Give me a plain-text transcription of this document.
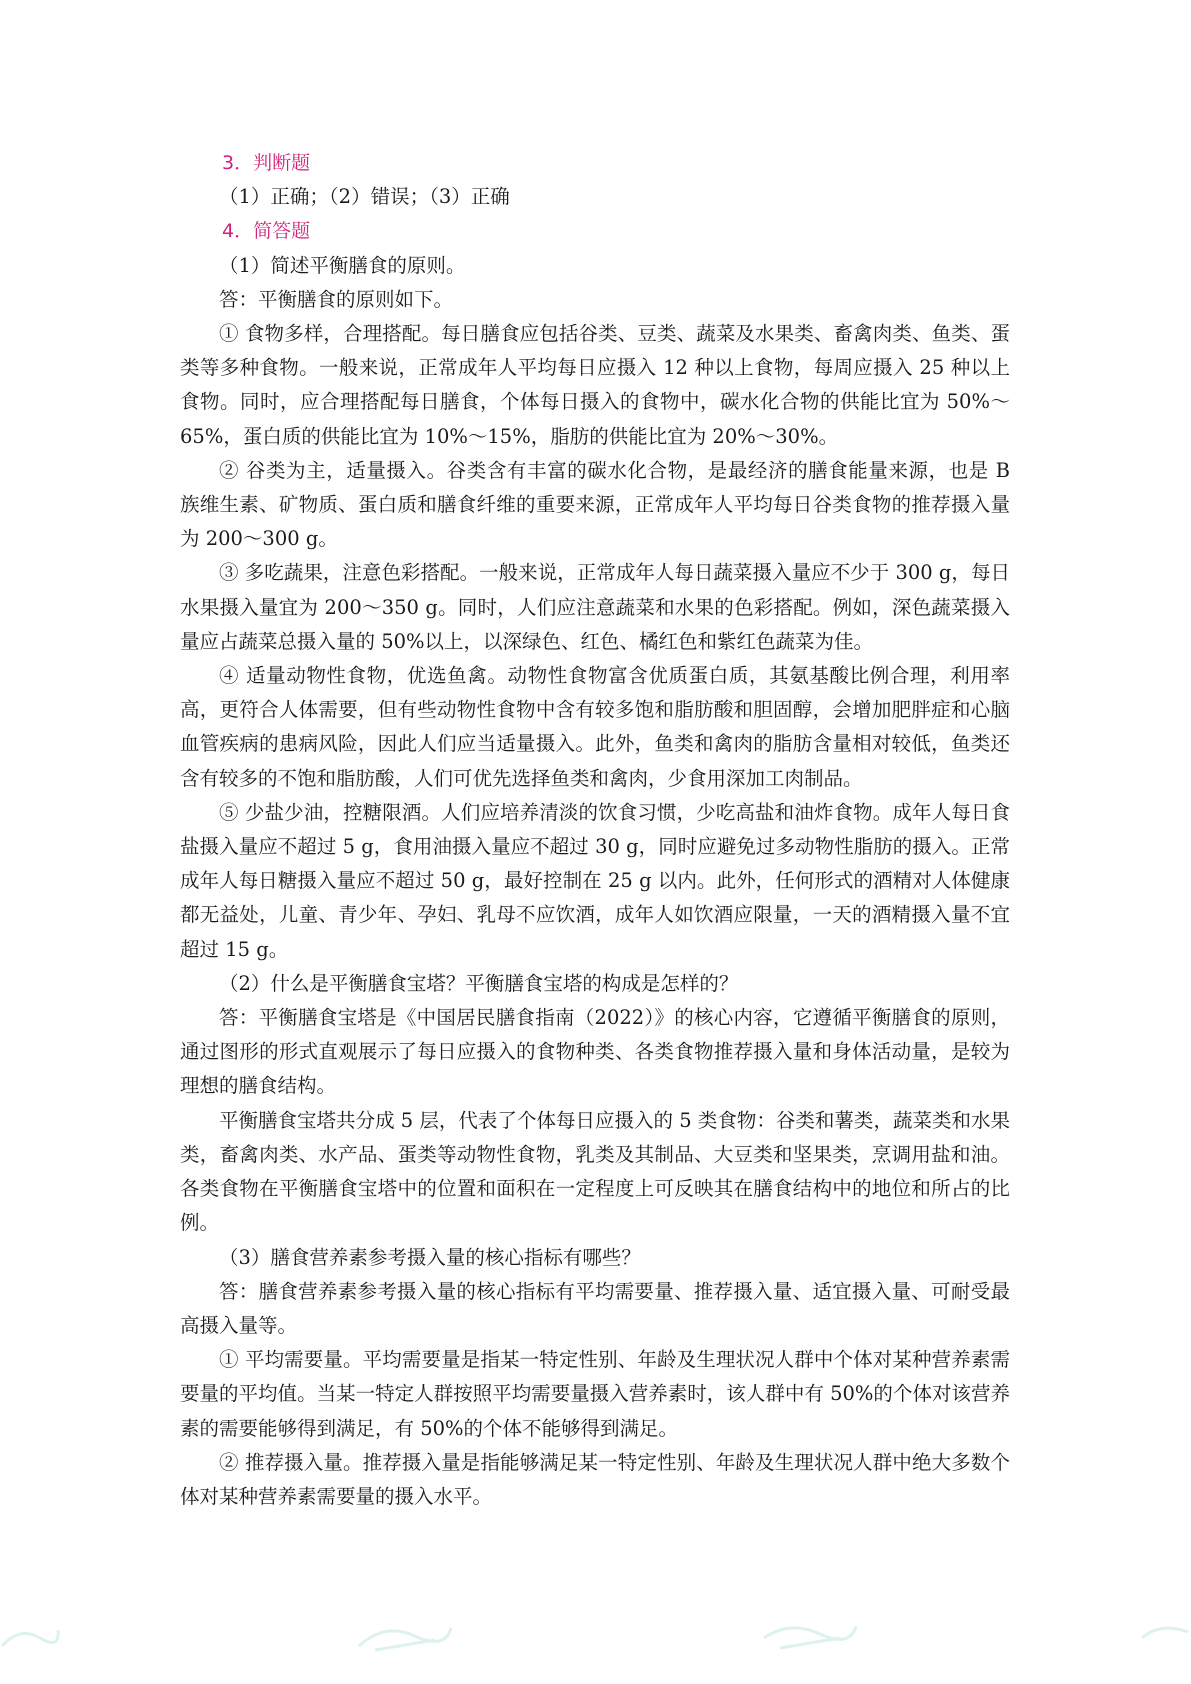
3．判断题

（1）正确；（2）错误；（3）正确

4．简答题

（1）简述平衡膳食的原则。

答：平衡膳食的原则如下。

① 食物多样，合理搭配。每日膳食应包括谷类、豆类、蔬菜及水果类、畜禽肉类、鱼类、蛋类等多种食物。一般来说，正常成年人平均每日应摄入 12 种以上食物，每周应摄入 25 种以上食物。同时，应合理搭配每日膳食，个体每日摄入的食物中，碳水化合物的供能比宜为 50%～65%，蛋白质的供能比宜为 10%～15%，脂肪的供能比宜为 20%～30%。

② 谷类为主，适量摄入。谷类含有丰富的碳水化合物，是最经济的膳食能量来源，也是 B 族维生素、矿物质、蛋白质和膳食纤维的重要来源，正常成年人平均每日谷类食物的推荐摄入量为 200～300 g。

③ 多吃蔬果，注意色彩搭配。一般来说，正常成年人每日蔬菜摄入量应不少于 300 g，每日水果摄入量宜为 200～350 g。同时，人们应注意蔬菜和水果的色彩搭配。例如，深色蔬菜摄入量应占蔬菜总摄入量的 50%以上，以深绿色、红色、橘红色和紫红色蔬菜为佳。

④ 适量动物性食物，优选鱼禽。动物性食物富含优质蛋白质，其氨基酸比例合理，利用率高，更符合人体需要，但有些动物性食物中含有较多饱和脂肪酸和胆固醇，会增加肥胖症和心脑血管疾病的患病风险，因此人们应当适量摄入。此外，鱼类和禽肉的脂肪含量相对较低，鱼类还含有较多的不饱和脂肪酸，人们可优先选择鱼类和禽肉，少食用深加工肉制品。

⑤ 少盐少油，控糖限酒。人们应培养清淡的饮食习惯，少吃高盐和油炸食物。成年人每日食盐摄入量应不超过 5 g，食用油摄入量应不超过 30 g，同时应避免过多动物性脂肪的摄入。正常成年人每日糖摄入量应不超过 50 g，最好控制在 25 g 以内。此外，任何形式的酒精对人体健康都无益处，儿童、青少年、孕妇、乳母不应饮酒，成年人如饮酒应限量，一天的酒精摄入量不宜超过 15 g。

（2）什么是平衡膳食宝塔？平衡膳食宝塔的构成是怎样的？

答：平衡膳食宝塔是《中国居民膳食指南（2022）》的核心内容，它遵循平衡膳食的原则，通过图形的形式直观展示了每日应摄入的食物种类、各类食物推荐摄入量和身体活动量，是较为理想的膳食结构。

平衡膳食宝塔共分成 5 层，代表了个体每日应摄入的 5 类食物：谷类和薯类，蔬菜类和水果类，畜禽肉类、水产品、蛋类等动物性食物，乳类及其制品、大豆类和坚果类，烹调用盐和油。各类食物在平衡膳食宝塔中的位置和面积在一定程度上可反映其在膳食结构中的地位和所占的比例。

（3）膳食营养素参考摄入量的核心指标有哪些？

答：膳食营养素参考摄入量的核心指标有平均需要量、推荐摄入量、适宜摄入量、可耐受最高摄入量等。

① 平均需要量。平均需要量是指某一特定性别、年龄及生理状况人群中个体对某种营养素需要量的平均值。当某一特定人群按照平均需要量摄入营养素时，该人群中有 50%的个体对该营养素的需要能够得到满足，有 50%的个体不能够得到满足。

② 推荐摄入量。推荐摄入量是指能够满足某一特定性别、年龄及生理状况人群中绝大多数个体对某种营养素需要量的摄入水平。
